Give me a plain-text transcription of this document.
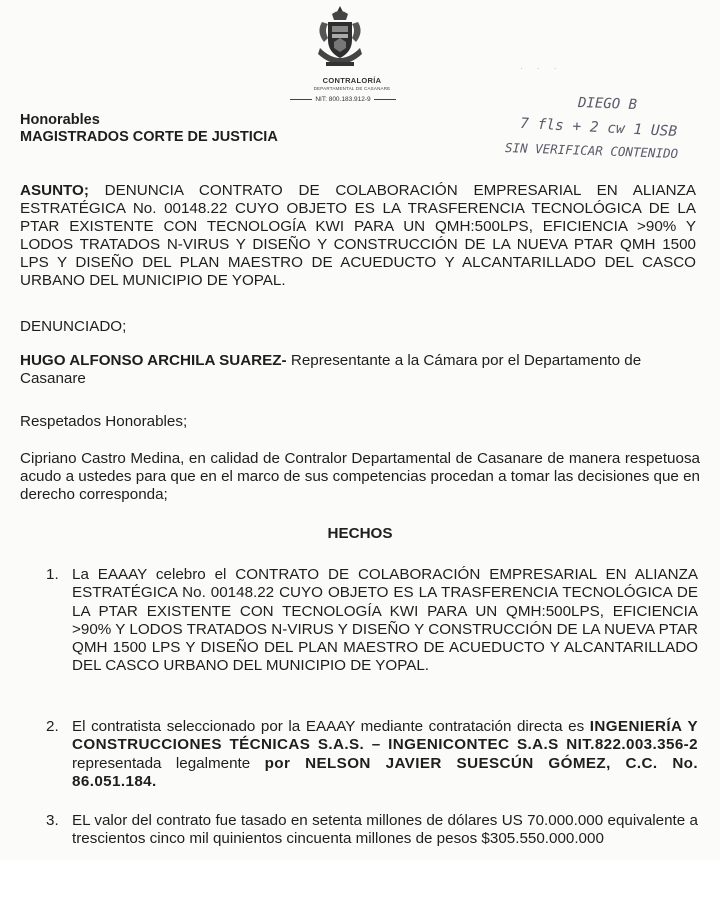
CONTRALORÍA
DEPARTAMENTAL DE CASANARE
NIT: 800.183.912-9
· · ·
DIEGO B
7 fls + 2 cw 1 USB
SIN VERIFICAR CONTENIDO
Honorables
MAGISTRADOS CORTE DE JUSTICIA
ASUNTO; DENUNCIA CONTRATO DE COLABORACIÓN EMPRESARIAL EN ALIANZA ESTRATÉGICA No. 00148.22 CUYO OBJETO ES LA TRASFERENCIA TECNOLÓGICA DE LA PTAR EXISTENTE CON TECNOLOGÍA KWI PARA UN QMH:500LPS, EFICIENCIA >90% Y LODOS TRATADOS N-VIRUS Y DISEÑO Y CONSTRUCCIÓN DE LA NUEVA PTAR QMH 1500 LPS Y DISEÑO DEL PLAN MAESTRO DE ACUEDUCTO Y ALCANTARILLADO DEL CASCO URBANO DEL MUNICIPIO DE YOPAL.
DENUNCIADO;
HUGO ALFONSO ARCHILA SUAREZ- Representante a la Cámara por el Departamento de Casanare
Respetados Honorables;
Cipriano Castro Medina, en calidad de Contralor Departamental de Casanare de manera respetuosa acudo a ustedes para que en el marco de sus competencias procedan a tomar las decisiones que en derecho corresponda;
HECHOS
1. La EAAAY celebro el CONTRATO DE COLABORACIÓN EMPRESARIAL EN ALIANZA ESTRATÉGICA No. 00148.22 CUYO OBJETO ES LA TRASFERENCIA TECNOLÓGICA DE LA PTAR EXISTENTE CON TECNOLOGÍA KWI PARA UN QMH:500LPS, EFICIENCIA >90% Y LODOS TRATADOS N-VIRUS Y DISEÑO Y CONSTRUCCIÓN DE LA NUEVA PTAR QMH 1500 LPS Y DISEÑO DEL PLAN MAESTRO DE ACUEDUCTO Y ALCANTARILLADO DEL CASCO URBANO DEL MUNICIPIO DE YOPAL.
2. El contratista seleccionado por la EAAAY mediante contratación directa es INGENIERÍA Y CONSTRUCCIONES TÉCNICAS S.A.S. – INGENICONTEC S.A.S NIT.822.003.356-2 representada legalmente por NELSON JAVIER SUESCÚN GÓMEZ, C.C. No. 86.051.184.
3. EL valor del contrato fue tasado en setenta millones de dólares US 70.000.000 equivalente a trescientos cinco mil quinientos cincuenta millones de pesos $305.550.000.000
